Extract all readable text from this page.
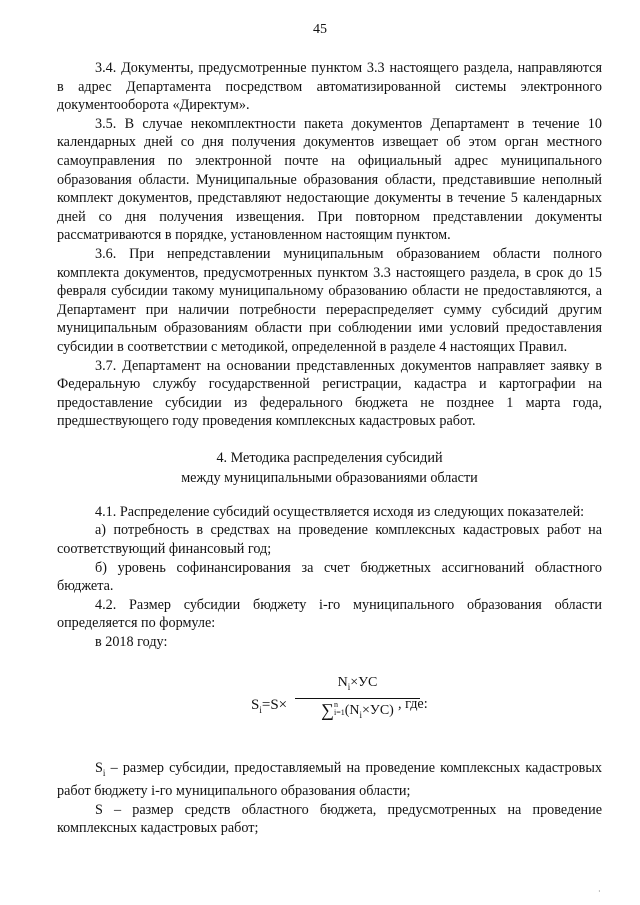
45

3.4. Документы, предусмотренные пунктом 3.3 настоящего раздела, направляются в адрес Департамента посредством автоматизированной системы электронного документооборота «Директум».

3.5. В случае некомплектности пакета документов Департамент в течение 10 календарных дней со дня получения документов извещает об этом орган местного самоуправления по электронной почте на официальный адрес муниципального образования области. Муниципальные образования области, представившие неполный комплект документов, представляют недостающие документы в течение 5 календарных дней со дня получения извещения. При повторном представлении документы рассматриваются в порядке, установленном настоящим пунктом.

3.6. При непредставлении муниципальным образованием области полного комплекта документов, предусмотренных пунктом 3.3 настоящего раздела, в срок до 15 февраля субсидии такому муниципальному образованию области не предоставляются, а Департамент при наличии потребности перераспределяет сумму субсидий другим муниципальным образованиям области при соблюдении ими условий предоставления субсидии в соответствии с методикой, определенной в разделе 4 настоящих Правил.

3.7. Департамент на основании представленных документов направляет заявку в Федеральную службу государственной регистрации, кадастра и картографии на предоставление субсидии из федерального бюджета не позднее 1 марта года, предшествующего году проведения комплексных кадастровых работ.

4. Методика распределения субсидий
между муниципальными образованиями области

4.1. Распределение субсидий осуществляется исходя из следующих показателей:

а) потребность в средствах на проведение комплексных кадастровых работ на соответствующий финансовый год;

б) уровень софинансирования за счет бюджетных ассигнований областного бюджета.

4.2. Размер субсидии бюджету i-го муниципального образования области определяется по формуле:

в 2018 году:

$S_i=S\times$
$N_i\times УС$
∑n
$i=1(N_i\times УС)$ , где:

$S_i$ – размер субсидии, предоставляемый на проведение комплексных кадастровых работ бюджету i-го муниципального образования области;

S – размер средств областного бюджета, предусмотренных на проведение комплексных кадастровых работ;

·
